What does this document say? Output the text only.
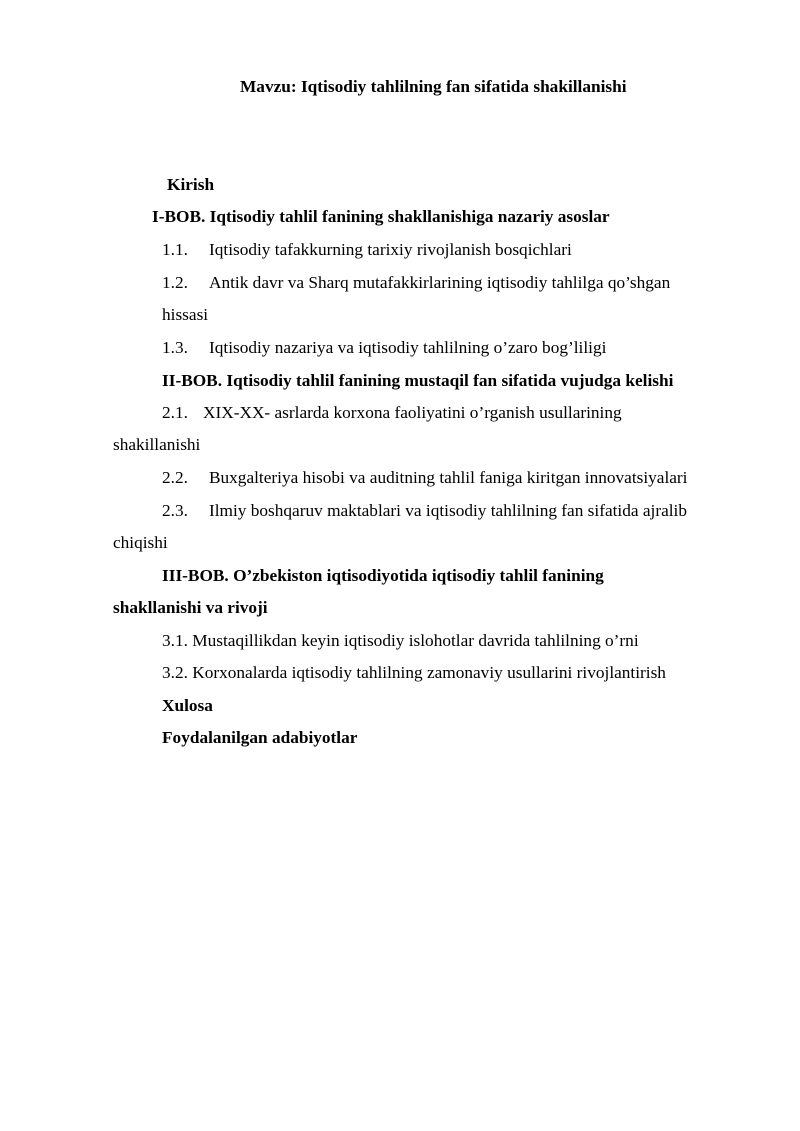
Mavzu: Iqtisodiy tahlilning fan sifatida shakillanishi
Kirish
I-BOB. Iqtisodiy tahlil fanining shakllanishiga nazariy asoslar
1.1. Iqtisodiy tafakkurning tarixiy rivojlanish bosqichlari
1.2. Antik davr va Sharq mutafakkirlarining iqtisodiy tahlilga qo’shgan
hissasi
1.3. Iqtisodiy nazariya va iqtisodiy tahlilning o’zaro bog’liligi
II-BOB. Iqtisodiy tahlil fanining mustaqil fan sifatida vujudga kelishi
2.1. XIX-XX- asrlarda korxona faoliyatini o’rganish usullarining
shakillanishi
2.2. Buxgalteriya hisobi va auditning tahlil faniga kiritgan innovatsiyalari
2.3. Ilmiy boshqaruv maktablari va iqtisodiy tahlilning fan sifatida ajralib
chiqishi
III-BOB. O’zbekiston iqtisodiyotida iqtisodiy tahlil fanining
shakllanishi va rivoji
3.1. Mustaqillikdan keyin iqtisodiy islohotlar davrida tahlilning o’rni
3.2. Korxonalarda iqtisodiy tahlilning zamonaviy usullarini rivojlantirish
Xulosa
Foydalanilgan adabiyotlar
